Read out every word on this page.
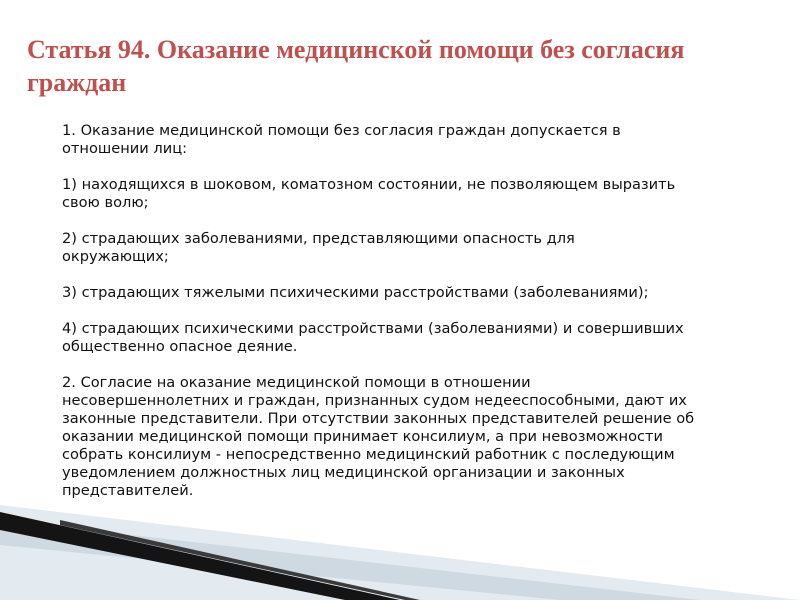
Статья 94. Оказание медицинской помощи без согласия
граждан

1. Оказание медицинской помощи без согласия граждан допускается в
отношении лиц:

1) находящихся в шоковом, коматозном состоянии, не позволяющем выразить
свою волю;

2) страдающих заболеваниями, представляющими опасность для
окружающих;

3) страдающих тяжелыми психическими расстройствами (заболеваниями);

4) страдающих психическими расстройствами (заболеваниями) и совершивших
общественно опасное деяние.

2. Согласие на оказание медицинской помощи в отношении
несовершеннолетних и граждан, признанных судом недееспособными, дают их
законные представители. При отсутствии законных представителей решение об
оказании медицинской помощи принимает консилиум, а при невозможности
собрать консилиум - непосредственно медицинский работник с последующим
уведомлением должностных лиц медицинской организации и законных
представителей.
